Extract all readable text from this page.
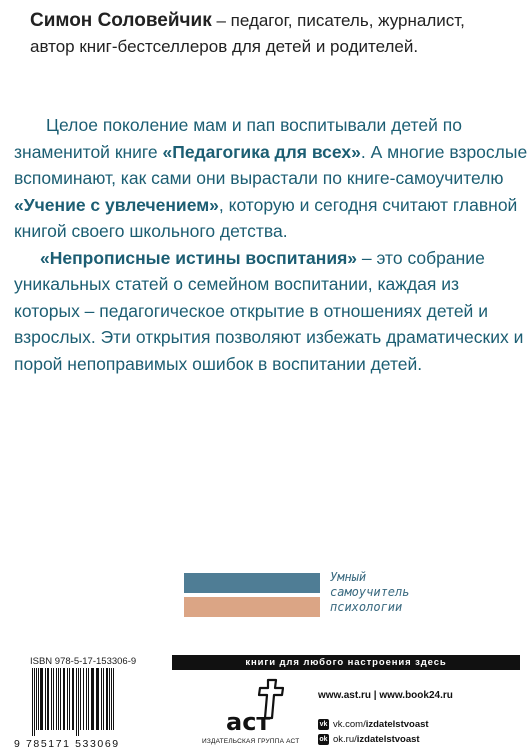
Симон Соловейчик – педагог, писатель, журналист,
автор книг-бестселлеров для детей и родителей.

Целое поколение мам и пап воспитывали детей по знаменитой книге «Педагогика для всех». А многие взрослые вспоминают, как сами они вырастали по книге-самоучителю «Учение с увлечением», которую и сегодня считают главной книгой своего школьного детства.

«Непрописные истины воспитания» – это собрание уникальных статей о семейном воспитании, каждая из которых – педагогическое открытие в отношениях детей и взрослых. Эти открытия позволяют избежать драматических и порой непоправимых ошибок в воспитании детей.

Умный
самоучитель
психологии
ISBN 978-5-17-153306-9
9 785171 533069
книги для любого настроения здесь
аст
ИЗДАТЕЛЬСКАЯ ГРУППА АСТ
www.ast.ru | www.book24.ru
vk vk.com/izdatelstvoast
ok ok.ru/izdatelstvoast
